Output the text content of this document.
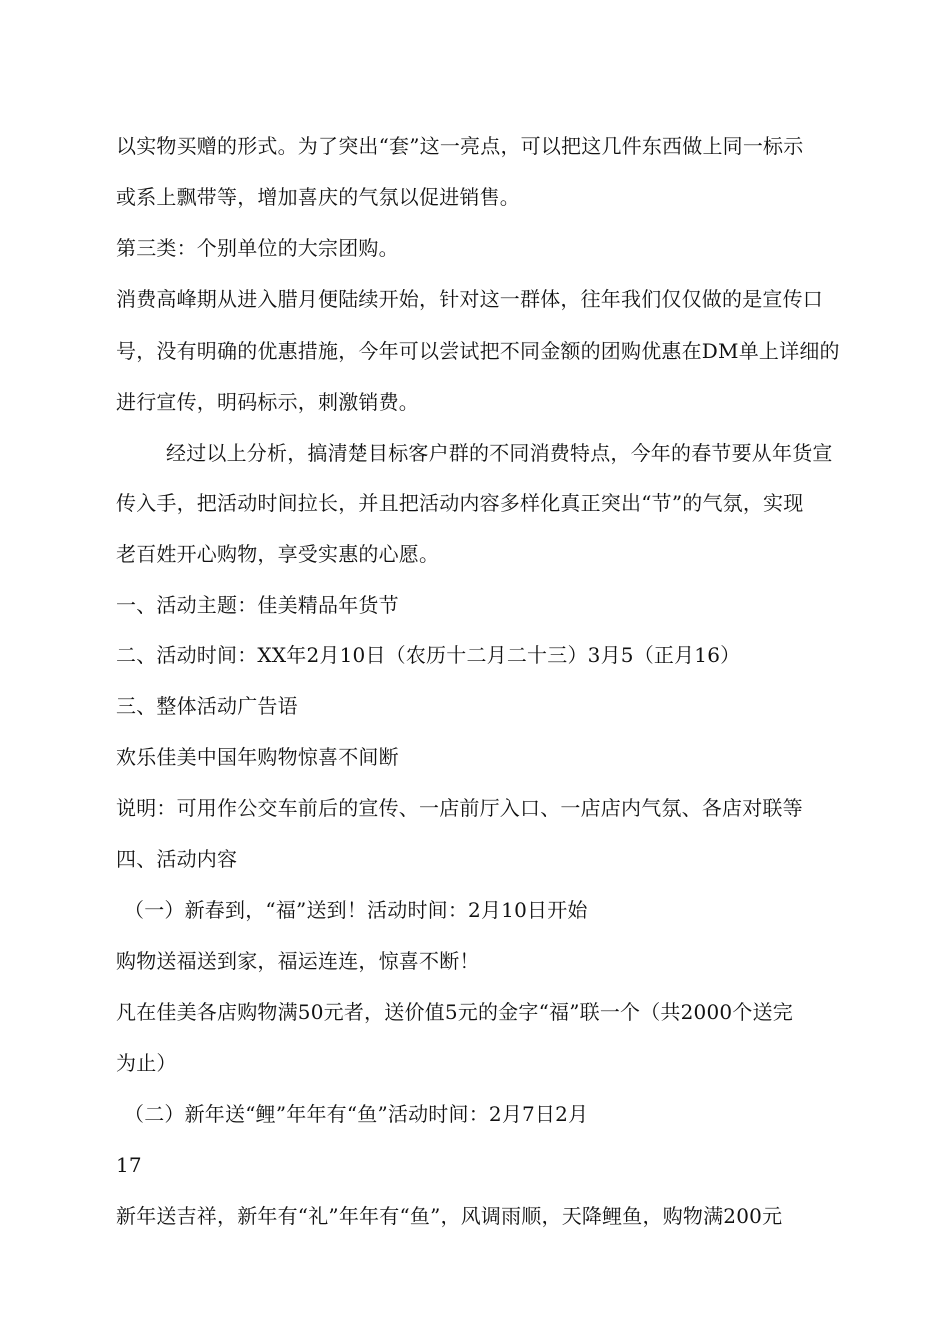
以实物买赠的形式。为了突出“套”这一亮点，可以把这几件东西做上同一标示
或系上飘带等，增加喜庆的气氛以促进销售。
第三类：个别单位的大宗团购。
消费高峰期从进入腊月便陆续开始，针对这一群体，往年我们仅仅做的是宣传口
号，没有明确的优惠措施，今年可以尝试把不同金额的团购优惠在DM单上详细的
进行宣传，明码标示，刺激销费。
经过以上分析，搞清楚目标客户群的不同消费特点，今年的春节要从年货宣
传入手，把活动时间拉长，并且把活动内容多样化真正突出“节”的气氛，实现
老百姓开心购物，享受实惠的心愿。
一、活动主题：佳美精品年货节
二、活动时间：XX年2月10日（农历十二月二十三）3月5（正月16）
三、整体活动广告语
欢乐佳美中国年购物惊喜不间断
说明：可用作公交车前后的宣传、一店前厅入口、一店店内气氛、各店对联等
四、活动内容
（一）新春到，“福”送到！活动时间：2月10日开始
购物送福送到家，福运连连，惊喜不断！
凡在佳美各店购物满50元者，送价值5元的金字“福”联一个（共2000个送完
为止）
（二）新年送“鲤”年年有“鱼”活动时间：2月7日2月
17
新年送吉祥，新年有“礼”年年有“鱼”，风调雨顺，天降鲤鱼，购物满200元
